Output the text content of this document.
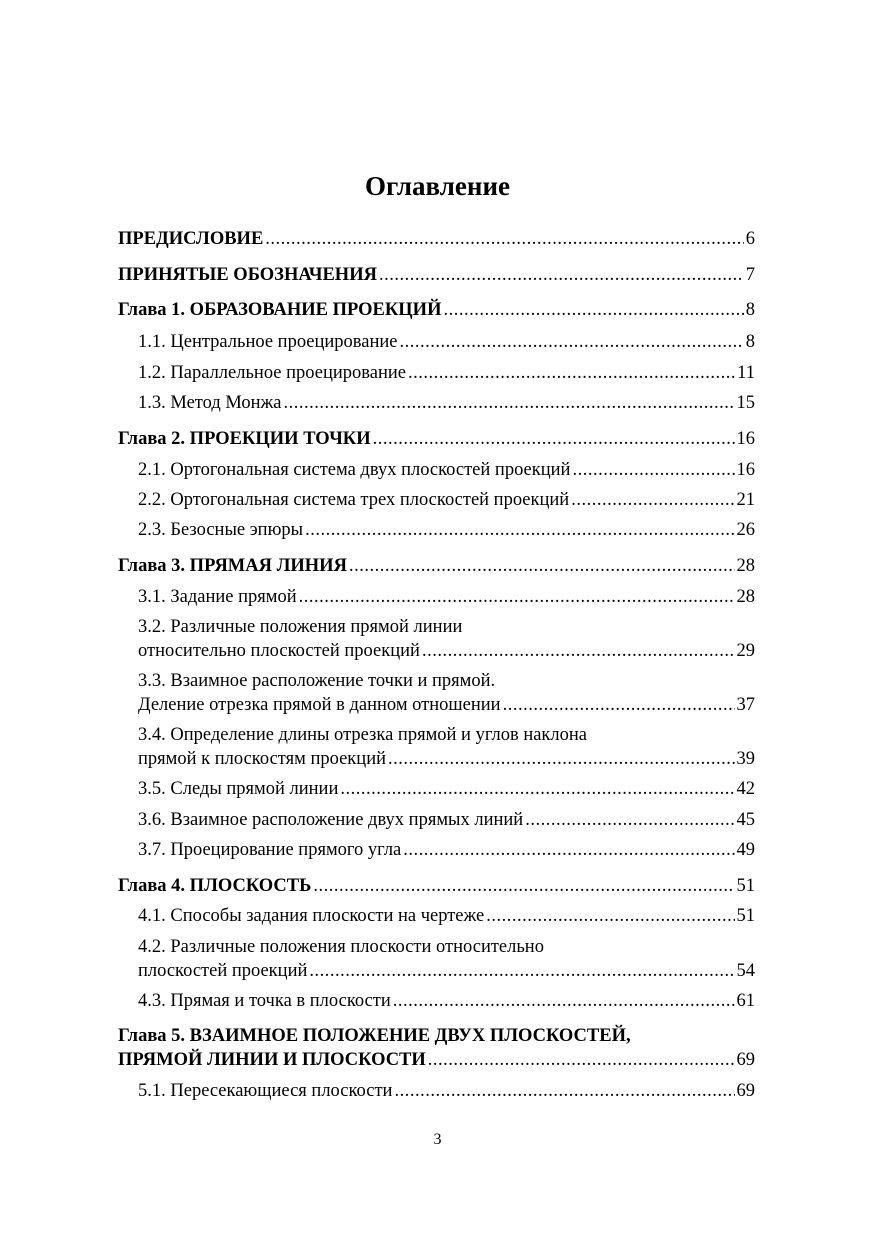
Оглавление
ПРЕДИСЛОВИЕ .....	6
ПРИНЯТЫЕ ОБОЗНАЧЕНИЯ .....	7
Глава 1. ОБРАЗОВАНИЕ ПРОЕКЦИЙ .....	8
1.1. Центральное проецирование .....	8
1.2. Параллельное проецирование .....	11
1.3. Метод Монжа .....	15
Глава 2. ПРОЕКЦИИ ТОЧКИ .....	16
2.1. Ортогональная система двух плоскостей проекций .....	16
2.2. Ортогональная система трех плоскостей проекций .....	21
2.3. Безосные эпюры .....	26
Глава 3. ПРЯМАЯ ЛИНИЯ .....	28
3.1. Задание прямой .....	28
3.2. Различные положения прямой линии
относительно плоскостей проекций .....	29
3.3. Взаимное расположение точки и прямой.
Деление отрезка прямой в данном отношении .....	37
3.4. Определение длины отрезка прямой и углов наклона
прямой к плоскостям проекций .....	39
3.5. Следы прямой линии .....	42
3.6. Взаимное расположение двух прямых линий .....	45
3.7. Проецирование прямого угла .....	49
Глава 4. ПЛОСКОСТЬ .....	51
4.1. Способы задания плоскости на чертеже .....	51
4.2. Различные положения плоскости относительно
плоскостей проекций .....	54
4.3. Прямая и точка в плоскости .....	61
Глава 5. ВЗАИМНОЕ ПОЛОЖЕНИЕ ДВУХ ПЛОСКОСТЕЙ,
ПРЯМОЙ ЛИНИИ И ПЛОСКОСТИ .....	69
5.1. Пересекающиеся плоскости .....	69
3
